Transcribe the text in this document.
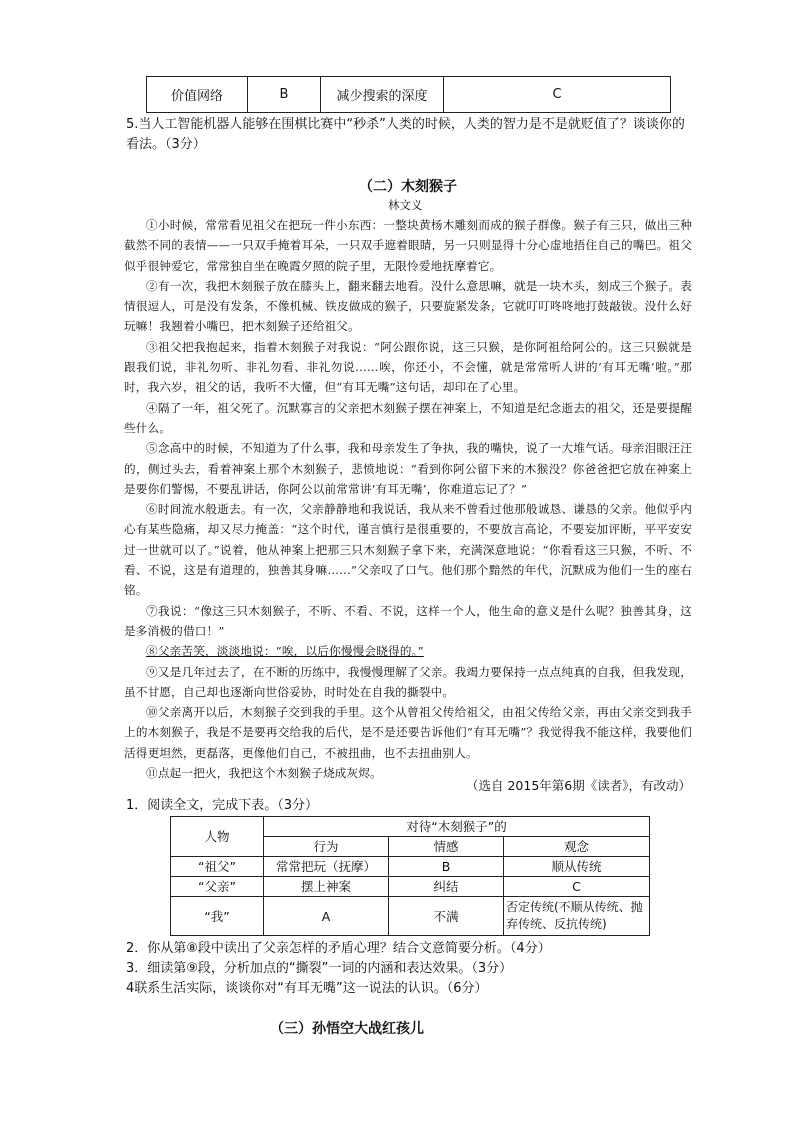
价值网络	B	减少搜索的深度	C
5.当人工智能机器人能够在围棋比赛中“秒杀”人类的时候，人类的智力是不是就贬值了？谈谈你的
看法。（3分）
（二）木刻猴子
林文义

①小时候，常常看见祖父在把玩一件小东西：一整块黄杨木雕刻而成的猴子群像。猴子有三只，做出三种截然不同的表情——一只双手掩着耳朵，一只双手遮着眼睛，另一只则显得十分心虚地捂住自己的嘴巴。祖父似乎很钟爱它，常常独自坐在晚霞夕照的院子里，无限怜爱地抚摩着它。

②有一次，我把木刻猴子放在膝头上，翻来翻去地看。没什么意思嘛，就是一块木头，刻成三个猴子。表情很逗人，可是没有发条，不像机械、铁皮做成的猴子，只要旋紧发条，它就叮叮咚咚地打鼓敲钹。没什么好玩嘛！我翘着小嘴巴，把木刻猴子还给祖父。

③祖父把我抱起来，指着木刻猴子对我说：“阿公跟你说，这三只猴，是你阿祖给阿公的。这三只猴就是跟我们说，非礼勿听、非礼勿看、非礼勿说……唉，你还小，不会懂，就是常常听人讲的‘有耳无嘴’啦。”那时，我六岁，祖父的话，我听不大懂，但“有耳无嘴”这句话，却印在了心里。

④隔了一年，祖父死了。沉默寡言的父亲把木刻猴子摆在神案上，不知道是纪念逝去的祖父，还是要提醒些什么。

⑤念高中的时候，不知道为了什么事，我和母亲发生了争执，我的嘴快，说了一大堆气话。母亲泪眼汪汪的，侧过头去，看着神案上那个木刻猴子，悲愤地说：“看到你阿公留下来的木猴没？你爸爸把它放在神案上是要你们警惕，不要乱讲话，你阿公以前常常讲‘有耳无嘴’，你难道忘记了？”

⑥时间流水般逝去。有一次，父亲静静地和我说话，我从来不曾看过他那般诚恳、谦恳的父亲。他似乎内心有某些隐痛，却又尽力掩盖：“这个时代，谨言慎行是很重要的，不要放言高论，不要妄加评断，平平安安过一世就可以了。”说着，他从神案上把那三只木刻猴子拿下来，充满深意地说：“你看看这三只猴，不听、不看、不说，这是有道理的，独善其身嘛……”父亲叹了口气。他们那个黯然的年代，沉默成为他们一生的座右铭。

⑦我说：“像这三只木刻猴子，不听、不看、不说，这样一个人，他生命的意义是什么呢？独善其身，这是多消极的借口！”

⑧父亲苦笑，淡淡地说：“唉，以后你慢慢会晓得的。”

⑨又是几年过去了，在不断的历练中，我慢慢理解了父亲。我竭力要保持一点点纯真的自我，但我发现，虽不甘愿，自己却也逐渐向世俗妥协，时时处在自我的撕裂中。

⑩父亲离开以后，木刻猴子交到我的手里。这个从曾祖父传给祖父，由祖父传给父亲，再由父亲交到我手上的木刻猴子，我是不是要再交给我的后代，是不是还要告诉他们“有耳无嘴”？我觉得我不能这样，我要他们活得更坦然，更磊落，更像他们自己，不被扭曲，也不去扭曲别人。

⑪点起一把火，我把这个木刻猴子烧成灰烬。

（选自 2015年第6期《读者》，有改动）
1．阅读全文，完成下表。（3分）
人物	对待“木刻猴子”的		
	行为	情感	观念
“祖父”	常常把玩（抚摩）	B	顺从传统
“父亲”	摆上神案	纠结	C
“我”	A	不满	否定传统(不顺从传统、抛弃传统、反抗传统)
2．你从第⑧段中读出了父亲怎样的矛盾心理？结合文意简要分析。（4分）
3．细读第⑨段，分析加点的“撕裂”一词的内涵和表达效果。（3分）
4联系生活实际，谈谈你对“有耳无嘴”这一说法的认识。（6分）
（三）孙悟空大战红孩儿
